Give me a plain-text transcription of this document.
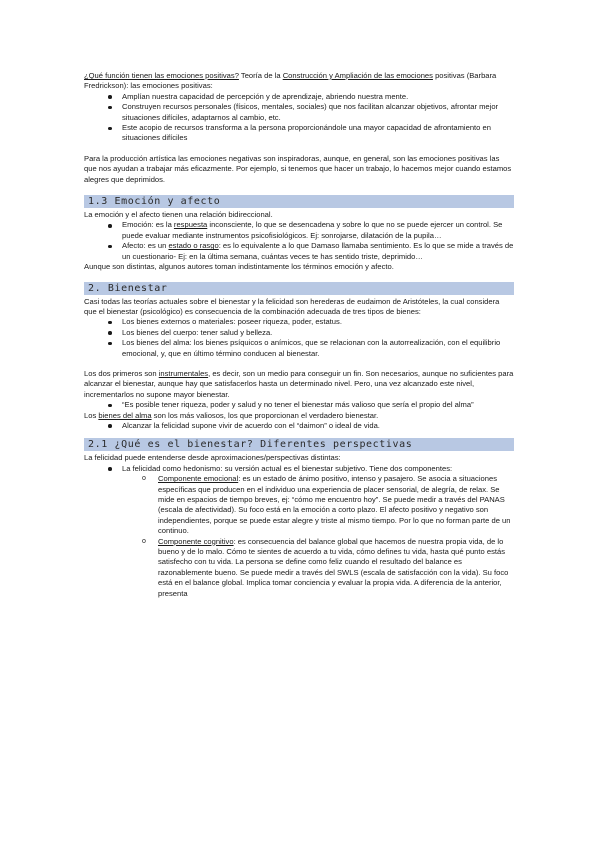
¿Qué función tienen las emociones positivas? Teoría de la Construcción y Ampliación de las emociones positivas (Barbara Fredrickson): las emociones positivas:

Amplían nuestra capacidad de percepción y de aprendizaje, abriendo nuestra mente.
Construyen recursos personales (físicos, mentales, sociales) que nos facilitan alcanzar objetivos, afrontar mejor situaciones difíciles, adaptarnos al cambio, etc.
Este acopio de recursos transforma a la persona proporcionándole una mayor capacidad de afrontamiento en situaciones difíciles

Para la producción artística las emociones negativas son inspiradoras, aunque, en general, son las emociones positivas las que nos ayudan a trabajar más eficazmente. Por ejemplo, si tenemos que hacer un trabajo, lo hacemos mejor cuando estamos alegres que deprimidos.

1.3 Emoción y afecto

La emoción y el afecto tienen una relación bidireccional.

Emoción: es la respuesta inconsciente, lo que se desencadena y sobre lo que no se puede ejercer un control. Se puede evaluar mediante instrumentos psicofisiológicos. Ej: sonrojarse, dilatación de la pupila…
Afecto: es un estado o rasgo: es lo equivalente a lo que Damaso llamaba sentimiento. Es lo que se mide a través de un cuestionario- Ej: en la última semana, cuántas veces te has sentido triste, deprimido…

Aunque son distintas, algunos autores toman indistintamente los términos emoción y afecto.

2. Bienestar

Casi todas las teorías actuales sobre el bienestar y la felicidad son herederas de eudaimon de Aristóteles, la cual considera que el bienestar (psicológico) es consecuencia de la combinación adecuada de tres tipos de bienes:

Los bienes externos o materiales: poseer riqueza, poder, estatus.
Los bienes del cuerpo: tener salud y belleza.
Los bienes del alma: los bienes psíquicos o anímicos, que se relacionan con la autorrealización, con el equilibrio emocional, y, que en último término conducen al bienestar.

Los dos primeros son instrumentales, es decir, son un medio para conseguir un fin. Son necesarios, aunque no suficientes para alcanzar el bienestar, aunque hay que satisfacerlos hasta un determinado nivel. Pero, una vez alcanzado este nivel, incrementarlos no supone mayor bienestar.

“Es posible tener riqueza, poder y salud y no tener el bienestar más valioso que sería el propio del alma”

Los bienes del alma son los más valiosos, los que proporcionan el verdadero bienestar.

Alcanzar la felicidad supone vivir de acuerdo con el “daimon” o ideal de vida.
2.1 ¿Qué es el bienestar? Diferentes perspectivas

La felicidad puede entenderse desde aproximaciones/perspectivas distintas:

La felicidad como hedonismo: su versión actual es el bienestar subjetivo. Tiene dos componentes:
o Componente emocional: es un estado de ánimo positivo, intenso y pasajero. Se asocia a situaciones específicas que producen en el individuo una experiencia de placer sensorial, de alegría, de relax. Se mide en espacios de tiempo breves, ej: “cómo me encuentro hoy”. Se puede medir a través del PANAS (escala de afectividad). Su foco está en la emoción a corto plazo. El afecto positivo y negativo son independientes, porque se puede estar alegre y triste al mismo tiempo. Por lo que no forman parte de un continuo.
o Componente cognitivo: es consecuencia del balance global que hacemos de nuestra propia vida, de lo bueno y de lo malo. Cómo te sientes de acuerdo a tu vida, cómo defines tu vida, hasta qué punto estás satisfecho con tu vida. La persona se define como feliz cuando el resultado del balance es razonablemente bueno. Se puede medir a través del SWLS (escala de satisfacción con la vida). Su foco está en el balance global. Implica tomar conciencia y evaluar la propia vida. A diferencia de la anterior, presenta
